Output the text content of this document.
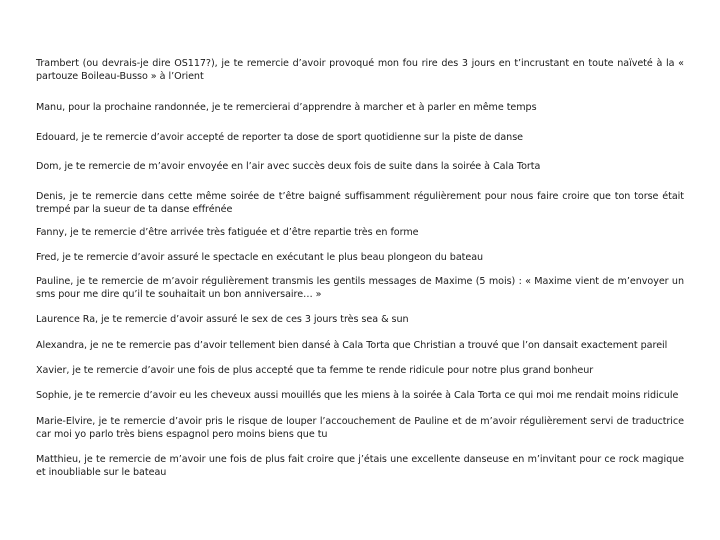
Trambert (ou devrais-je dire OS117?), je te remercie d’avoir provoqué mon fou rire des 3 jours en t’incrustant en toute naïveté à la « partouze Boileau-Busso » à l’Orient

Manu, pour la prochaine randonnée, je te remercierai d’apprendre à marcher et à parler en même temps

Edouard, je te remercie d’avoir accepté de reporter ta dose de sport quotidienne sur la piste de danse

Dom, je te remercie de m’avoir envoyée en l’air avec succès deux fois de suite dans la soirée à Cala Torta

Denis, je te remercie dans cette même soirée de t’être baigné suffisamment régulièrement pour nous faire croire que ton torse était trempé par la sueur de ta danse effrénée

Fanny, je te remercie d’être arrivée très fatiguée et d’être repartie très en forme

Fred, je te remercie d’avoir assuré le spectacle en exécutant le plus beau plongeon du bateau

Pauline, je te remercie de m’avoir régulièrement transmis les gentils messages de Maxime (5 mois) : « Maxime vient de m’envoyer un sms pour me dire qu’il te souhaitait un bon anniversaire… »

Laurence Ra, je te remercie d’avoir assuré le sex de ces 3 jours très sea & sun

Alexandra, je ne te remercie pas d’avoir tellement bien dansé à Cala Torta que Christian a trouvé que l’on dansait exactement pareil

Xavier, je te remercie d’avoir une fois de plus accepté que ta femme te rende ridicule pour notre plus grand bonheur

Sophie, je te remercie d’avoir eu les cheveux aussi mouillés que les miens à la soirée à Cala Torta ce qui moi me rendait moins ridicule

Marie-Elvire, je te remercie d’avoir pris le risque de louper l’accouchement de Pauline et de m’avoir régulièrement servi de traductrice car moi yo parlo très biens espagnol pero moins biens que tu

Matthieu, je te remercie de m’avoir une fois de plus fait croire que j’étais une excellente danseuse en m’invitant pour ce rock magique et inoubliable sur le bateau
